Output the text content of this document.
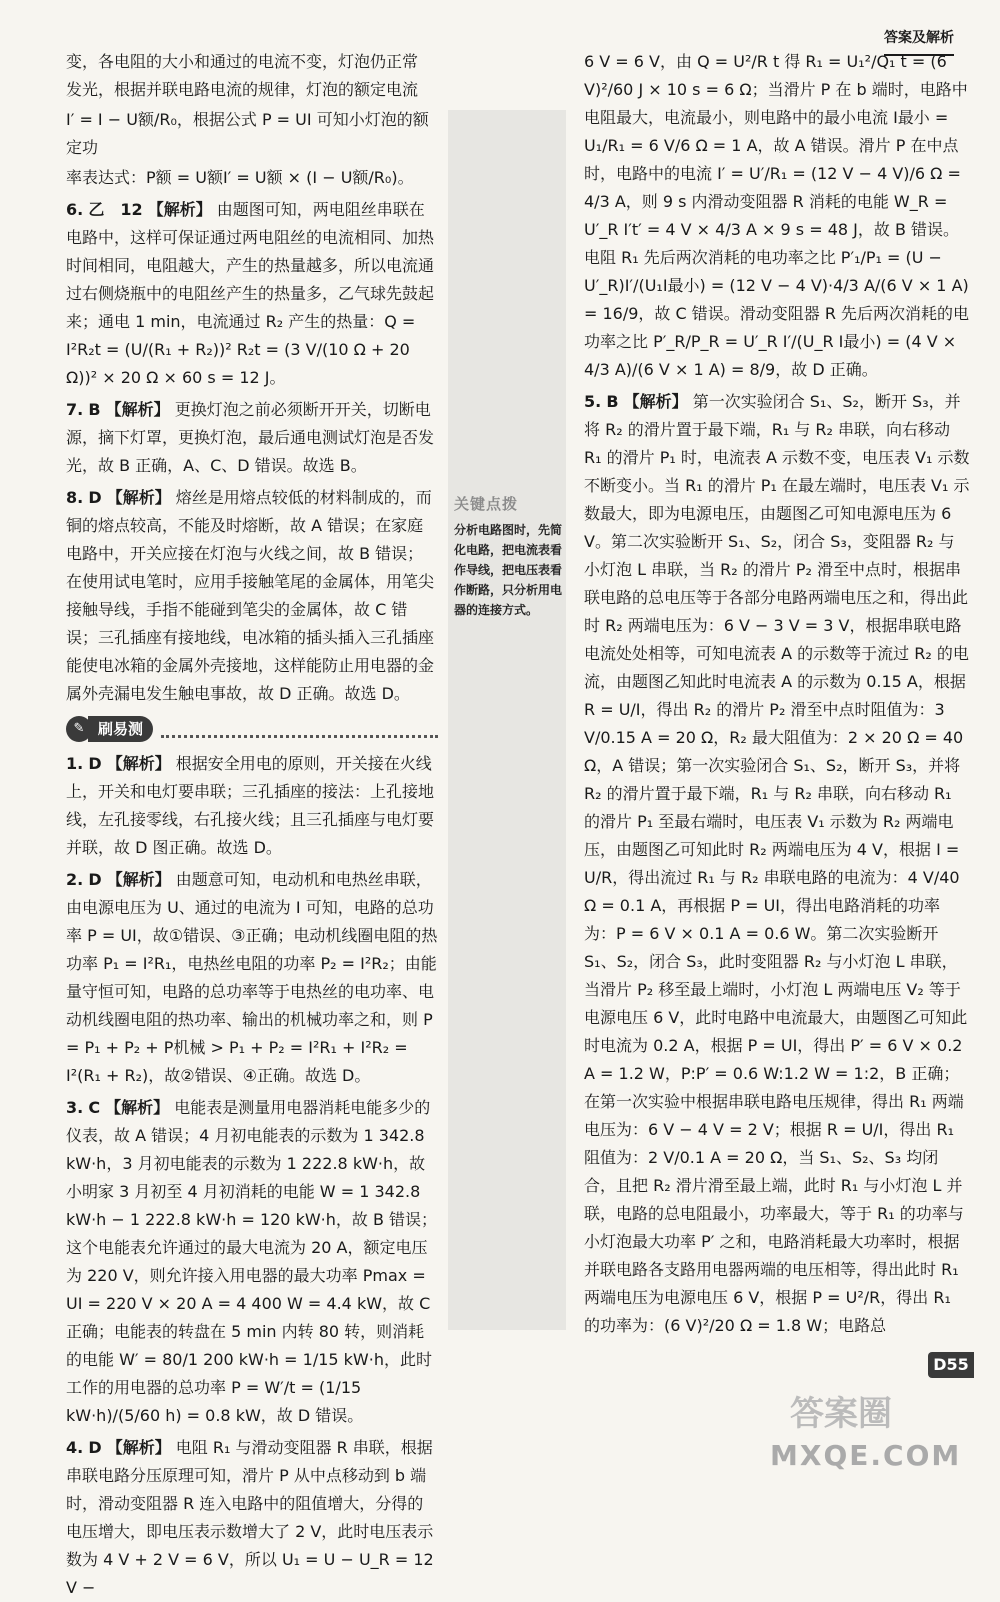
答案及解析

变，各电阻的大小和通过的电流不变，灯泡仍正常

发光，根据并联电路电流的规律，灯泡的额定电流

I′ = I − U额/R₀，根据公式 P = UI 可知小灯泡的额定功

率表达式：P额 = U额I′ = U额 × (I − U额/R₀)。

6. 乙　12 【解析】 由题图可知，两电阻丝串联在电路中，这样可保证通过两电阻丝的电流相同、加热时间相同，电阻越大，产生的热量越多，所以电流通过右侧烧瓶中的电阻丝产生的热量多，乙气球先鼓起来；通电 1 min，电流通过 R₂ 产生的热量：Q = I²R₂t = (U/(R₁ + R₂))² R₂t = (3 V/(10 Ω + 20 Ω))² × 20 Ω × 60 s = 12 J。
7. B 【解析】 更换灯泡之前必须断开开关，切断电源，摘下灯罩，更换灯泡，最后通电测试灯泡是否发光，故 B 正确，A、C、D 错误。故选 B。
8. D 【解析】 熔丝是用熔点较低的材料制成的，而铜的熔点较高，不能及时熔断，故 A 错误；在家庭电路中，开关应接在灯泡与火线之间，故 B 错误；在使用试电笔时，应用手接触笔尾的金属体，用笔尖接触导线，手指不能碰到笔尖的金属体，故 C 错误；三孔插座有接地线，电冰箱的插头插入三孔插座能使电冰箱的金属外壳接地，这样能防止用电器的金属外壳漏电发生触电事故，故 D 正确。故选 D。
✎ 刷易测
1. D 【解析】 根据安全用电的原则，开关接在火线上，开关和电灯要串联；三孔插座的接法：上孔接地线，左孔接零线，右孔接火线；且三孔插座与电灯要并联，故 D 图正确。故选 D。
2. D 【解析】 由题意可知，电动机和电热丝串联，由电源电压为 U、通过的电流为 I 可知，电路的总功率 P = UI，故①错误、③正确；电动机线圈电阻的热功率 P₁ = I²R₁，电热丝电阻的功率 P₂ = I²R₂；由能量守恒可知，电路的总功率等于电热丝的电功率、电动机线圈电阻的热功率、输出的机械功率之和，则 P = P₁ + P₂ + P机械 > P₁ + P₂ = I²R₁ + I²R₂ = I²(R₁ + R₂)，故②错误、④正确。故选 D。
3. C 【解析】 电能表是测量用电器消耗电能多少的仪表，故 A 错误；4 月初电能表的示数为 1 342.8 kW·h，3 月初电能表的示数为 1 222.8 kW·h，故小明家 3 月初至 4 月初消耗的电能 W = 1 342.8 kW·h − 1 222.8 kW·h = 120 kW·h，故 B 错误；这个电能表允许通过的最大电流为 20 A，额定电压为 220 V，则允许接入用电器的最大功率 Pmax = UI = 220 V × 20 A = 4 400 W = 4.4 kW，故 C 正确；电能表的转盘在 5 min 内转 80 转，则消耗的电能 W′ = 80/1 200 kW·h = 1/15 kW·h，此时工作的用电器的总功率 P = W′/t = (1/15 kW·h)/(5/60 h) = 0.8 kW，故 D 错误。
4. D 【解析】 电阻 R₁ 与滑动变阻器 R 串联，根据串联电路分压原理可知，滑片 P 从中点移动到 b 端时，滑动变阻器 R 连入电路中的阻值增大，分得的电压增大，即电压表示数增大了 2 V，此时电压表示数为 4 V + 2 V = 6 V，所以 U₁ = U − U_R = 12 V −
关键点拨
分析电路图时，先简化电路，把电流表看作导线，把电压表看作断路，只分析用电器的连接方式。

6 V = 6 V，由 Q = U²/R t 得 R₁ = U₁²/Q₁ t = (6 V)²/60 J × 10 s = 6 Ω；当滑片 P 在 b 端时，电路中电阻最大，电流最小，则电路中的最小电流 I最小 = U₁/R₁ = 6 V/6 Ω = 1 A，故 A 错误。滑片 P 在中点时，电路中的电流 I′ = U′/R₁ = (12 V − 4 V)/6 Ω = 4/3 A，则 9 s 内滑动变阻器 R 消耗的电能 W_R = U′_R I′t′ = 4 V × 4/3 A × 9 s = 48 J，故 B 错误。电阻 R₁ 先后两次消耗的电功率之比 P′₁/P₁ = (U − U′_R)I′/(U₁I最小) = (12 V − 4 V)·4/3 A/(6 V × 1 A) = 16/9，故 C 错误。滑动变阻器 R 先后两次消耗的电功率之比 P′_R/P_R = U′_R I′/(U_R I最小) = (4 V × 4/3 A)/(6 V × 1 A) = 8/9，故 D 正确。

5. B 【解析】 第一次实验闭合 S₁、S₂，断开 S₃，并将 R₂ 的滑片置于最下端，R₁ 与 R₂ 串联，向右移动 R₁ 的滑片 P₁ 时，电流表 A 示数不变，电压表 V₁ 示数不断变小。当 R₁ 的滑片 P₁ 在最左端时，电压表 V₁ 示数最大，即为电源电压，由题图乙可知电源电压为 6 V。第二次实验断开 S₁、S₂，闭合 S₃，变阻器 R₂ 与小灯泡 L 串联，当 R₂ 的滑片 P₂ 滑至中点时，根据串联电路的总电压等于各部分电路两端电压之和，得出此时 R₂ 两端电压为：6 V − 3 V = 3 V，根据串联电路电流处处相等，可知电流表 A 的示数等于流过 R₂ 的电流，由题图乙知此时电流表 A 的示数为 0.15 A，根据 R = U/I，得出 R₂ 的滑片 P₂ 滑至中点时阻值为：3 V/0.15 A = 20 Ω，R₂ 最大阻值为：2 × 20 Ω = 40 Ω，A 错误；第一次实验闭合 S₁、S₂，断开 S₃，并将 R₂ 的滑片置于最下端，R₁ 与 R₂ 串联，向右移动 R₁ 的滑片 P₁ 至最右端时，电压表 V₁ 示数为 R₂ 两端电压，由题图乙可知此时 R₂ 两端电压为 4 V，根据 I = U/R，得出流过 R₁ 与 R₂ 串联电路的电流为：4 V/40 Ω = 0.1 A，再根据 P = UI，得出电路消耗的功率为：P = 6 V × 0.1 A = 0.6 W。第二次实验断开 S₁、S₂，闭合 S₃，此时变阻器 R₂ 与小灯泡 L 串联，当滑片 P₂ 移至最上端时，小灯泡 L 两端电压 V₂ 等于电源电压 6 V，此时电路中电流最大，由题图乙可知此时电流为 0.2 A，根据 P = UI，得出 P′ = 6 V × 0.2 A = 1.2 W，P:P′ = 0.6 W:1.2 W = 1:2，B 正确；在第一次实验中根据串联电路电压规律，得出 R₁ 两端电压为：6 V − 4 V = 2 V；根据 R = U/I，得出 R₁ 阻值为：2 V/0.1 A = 20 Ω，当 S₁、S₂、S₃ 均闭合，且把 R₂ 滑片滑至最上端，此时 R₁ 与小灯泡 L 并联，电路的总电阻最小，功率最大，等于 R₁ 的功率与小灯泡最大功率 P′ 之和，电路消耗最大功率时，根据并联电路各支路用电器两端的电压相等，得出此时 R₁ 两端电压为电源电压 6 V，根据 P = U²/R，得出 R₁ 的功率为：(6 V)²/20 Ω = 1.8 W；电路总
D55
答案圈
MXQE.COM
